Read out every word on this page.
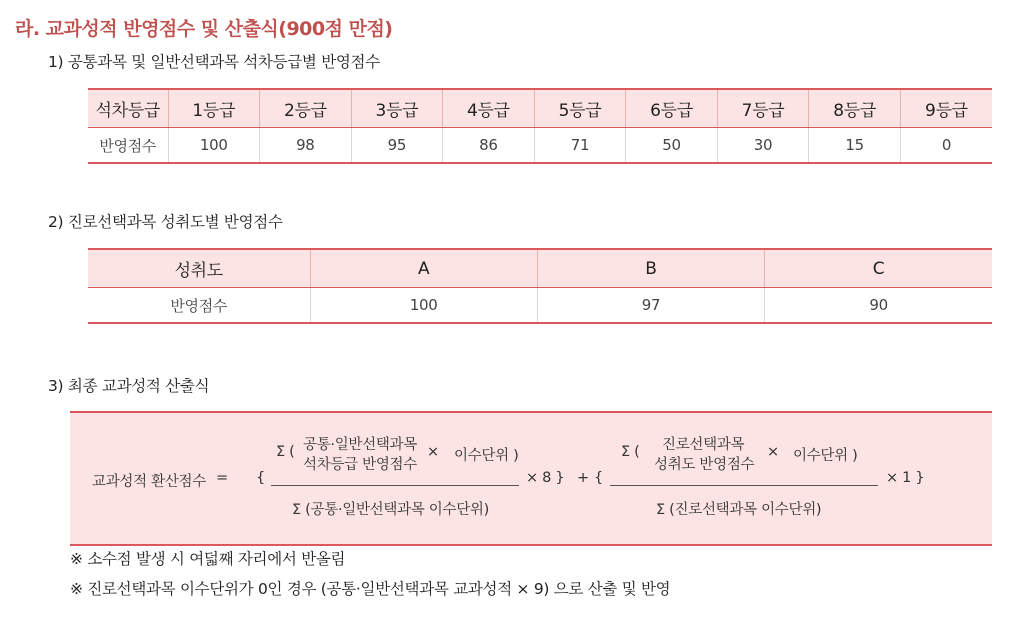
라. 교과성적 반영점수 및 산출식(900점 만점)
1) 공통과목 및 일반선택과목 석차등급별 반영점수
석차등급	1등급	2등급	3등급	4등급	5등급	6등급	7등급	8등급	9등급
반영점수	100	98	95	86	71	50	30	15	0
2) 진로선택과목 성취도별 반영점수
성취도	A	B	C
반영점수	100	97	90
3) 최종 교과성적 산출식
교과성적 환산점수 = {
Σ ( 공통·일반선택과목
석차등급 반영점수
× 이수단위 )
Σ (공통·일반선택과목 이수단위)
× 8 } + {
Σ ( 진로선택과목
성취도 반영점수
× 이수단위 )
Σ (진로선택과목 이수단위)
× 1 }
※ 소수점 발생 시 여덟째 자리에서 반올림
※ 진로선택과목 이수단위가 0인 경우 (공통·일반선택과목 교과성적 × 9) 으로 산출 및 반영
